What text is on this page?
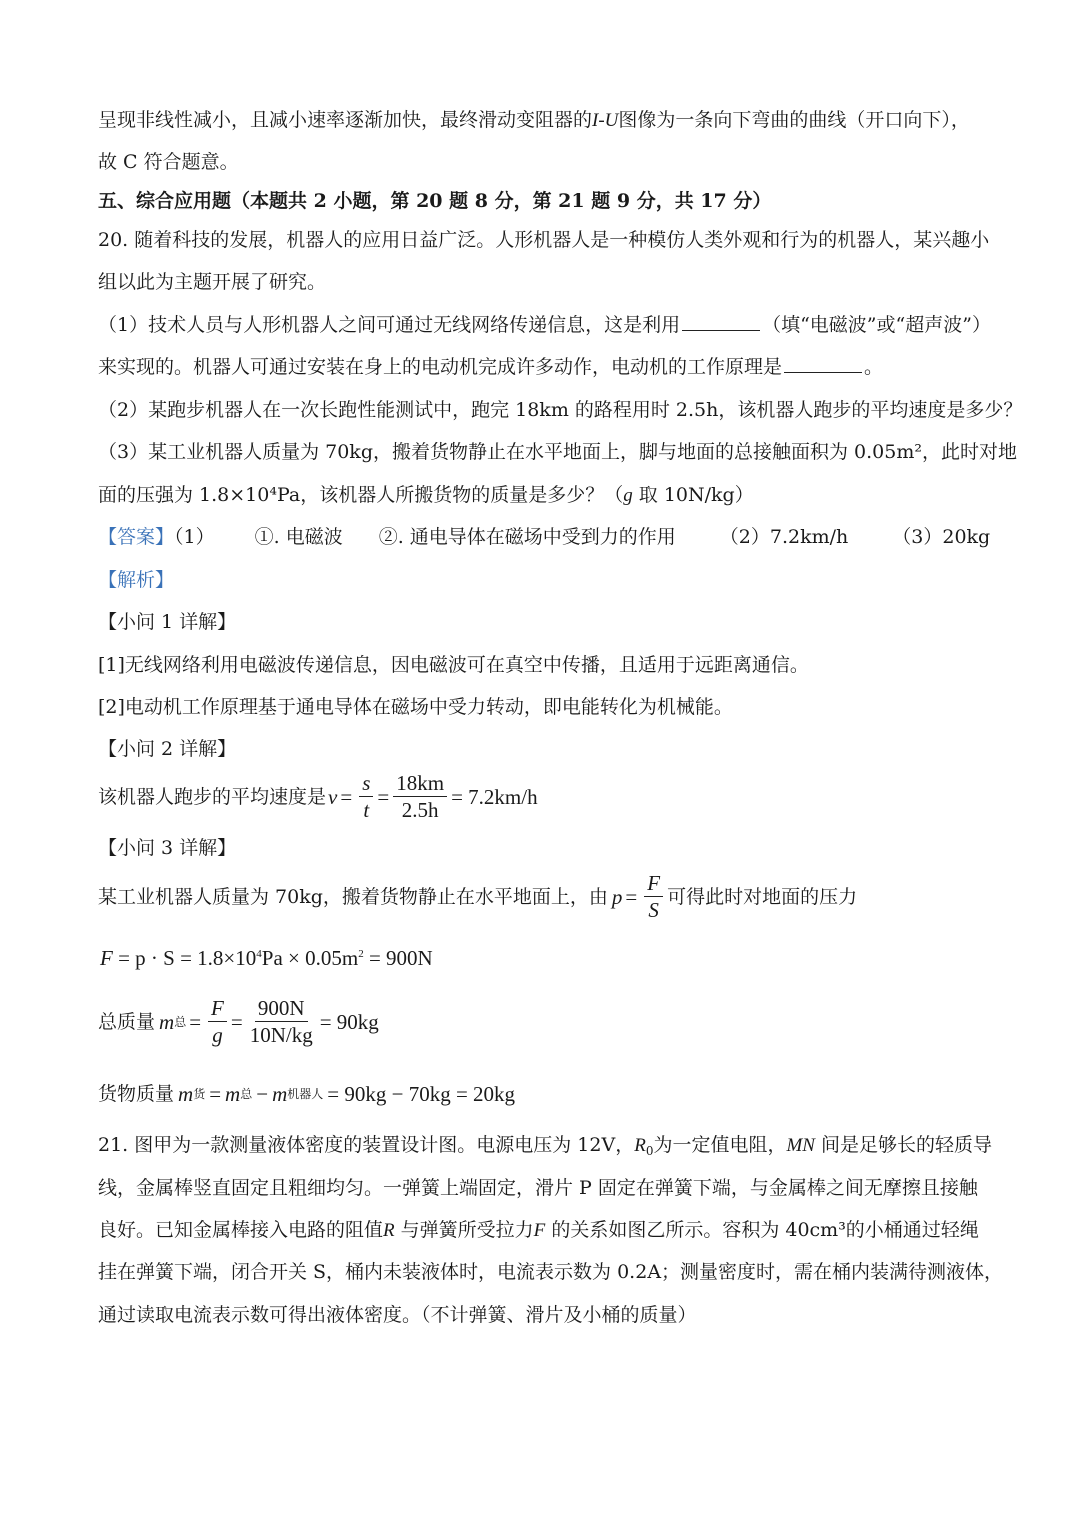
呈现非线性减小，且减小速率逐渐加快，最终滑动变阻器的I-U图像为一条向下弯曲的曲线（开口向下），
故 C 符合题意。
五、综合应用题（本题共 2 小题，第 20 题 8 分，第 21 题 9 分，共 17 分）
20. 随着科技的发展，机器人的应用日益广泛。人形机器人是一种模仿人类外观和行为的机器人，某兴趣小
组以此为主题开展了研究。
（1）技术人员与人形机器人之间可通过无线网络传递信息，这是利用	（填“电磁波”或“超声波”）
来实现的。机器人可通过安装在身上的电动机完成许多动作，电动机的工作原理是	。
（2）某跑步机器人在一次长跑性能测试中，跑完 18km 的路程用时 2.5h，该机器人跑步的平均速度是多少？
（3）某工业机器人质量为 70kg，搬着货物静止在水平地面上，脚与地面的总接触面积为 0.05m²，此时对地
面的压强为 1.8×10⁴Pa，该机器人所搬货物的质量是多少？（g 取 10N/kg）
【答案】（1） ①. 电磁波 ②. 通电导体在磁场中受到力的作用 （2）7.2km/h （3）20kg
【解析】
【小问 1 详解】
[1]无线网络利用电磁波传递信息，因电磁波可在真空中传播，且适用于远距离通信。
[2]电动机工作原理基于通电导体在磁场中受力转动，即电能转化为机械能。
【小问 2 详解】
该机器人跑步的平均速度是 $v = \frac{s}{t} = \frac{18km}{2.5h} = 7.2km/h$
【小问 3 详解】
某工业机器人质量为 70kg，搬着货物静止在水平地面上，由 $p = \frac{F}{S}$ 可得此时对地面的压力
$F = p \cdot S = 1.8\times 10^4Pa \times 0.05m^2 = 900N$
总质量 m 总 = $\frac{F}{g} = \frac{900N}{10N/kg} = 90kg$
货物质量 m 货 = m 总 − m 机器人 = 90kg − 70kg = 20kg
21. 图甲为一款测量液体密度的装置设计图。电源电压为 12V，$R_0$为一定值电阻，MN 间是足够长的轻质导
线，金属棒竖直固定且粗细均匀。一弹簧上端固定，滑片 P 固定在弹簧下端，与金属棒之间无摩擦且接触
良好。已知金属棒接入电路的阻值R 与弹簧所受拉力F 的关系如图乙所示。容积为 40cm³的小桶通过轻绳
挂在弹簧下端，闭合开关 S，桶内未装液体时，电流表示数为 0.2A；测量密度时，需在桶内装满待测液体，
通过读取电流表示数可得出液体密度。（不计弹簧、滑片及小桶的质量）
